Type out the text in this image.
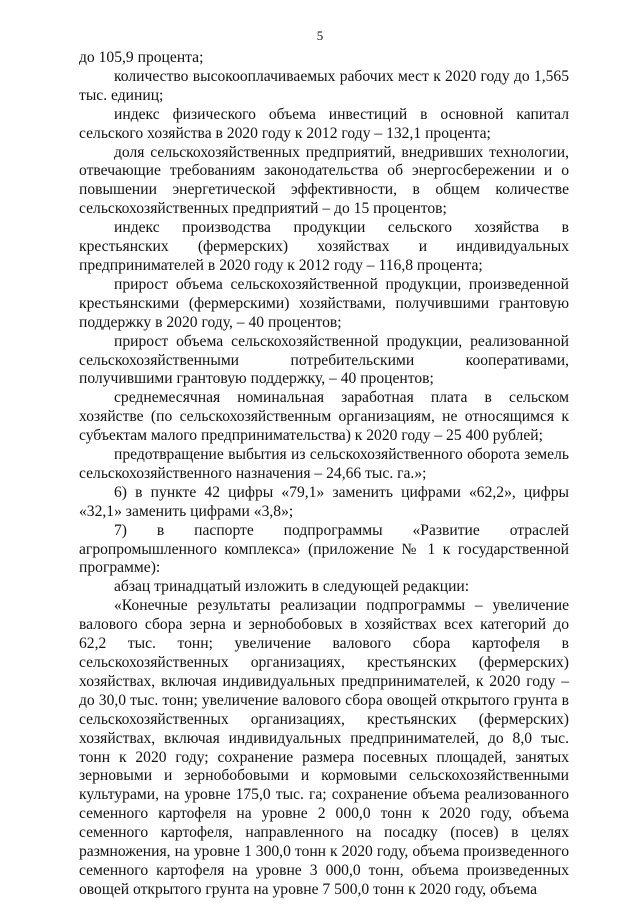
5

до 105,9 процента;

количество высокооплачиваемых рабочих мест к 2020 году до 1,565 тыс. единиц;

индекс физического объема инвестиций в основной капитал сельского хозяйства в 2020 году к 2012 году – 132,1 процента;

доля сельскохозяйственных предприятий, внедривших технологии, отвечающие требованиям законодательства об энергосбережении и о повышении энергетической эффективности, в общем количестве сельскохозяйственных предприятий – до 15 процентов;

индекс производства продукции сельского хозяйства в крестьянских (фермерских) хозяйствах и индивидуальных предпринимателей в 2020 году к 2012 году – 116,8 процента;

прирост объема сельскохозяйственной продукции, произведенной крестьянскими (фермерскими) хозяйствами, получившими грантовую поддержку в 2020 году, – 40 процентов;

прирост объема сельскохозяйственной продукции, реализованной сельскохозяйственными потребительскими кооперативами, получившими грантовую поддержку, – 40 процентов;

среднемесячная номинальная заработная плата в сельском хозяйстве (по сельскохозяйственным организациям, не относящимся к субъектам малого предпринимательства) к 2020 году – 25 400 рублей;

предотвращение выбытия из сельскохозяйственного оборота земель сельскохозяйственного назначения – 24,66 тыс. га.»;

6) в пункте 42 цифры «79,1» заменить цифрами «62,2», цифры «32,1» заменить цифрами «3,8»;

7) в паспорте подпрограммы «Развитие отраслей агропромышленного комплекса» (приложение № 1 к государственной программе):

абзац тринадцатый изложить в следующей редакции:

«Конечные результаты реализации подпрограммы – увеличение валового сбора зерна и зернобобовых в хозяйствах всех категорий до 62,2 тыс. тонн; увеличение валового сбора картофеля в сельскохозяйственных организациях, крестьянских (фермерских) хозяйствах, включая индивидуальных предпринимателей, к 2020 году – до 30,0 тыс. тонн; увеличение валового сбора овощей открытого грунта в сельскохозяйственных организациях, крестьянских (фермерских) хозяйствах, включая индивидуальных предпринимателей, до 8,0 тыс. тонн к 2020 году; сохранение размера посевных площадей, занятых зерновыми и зернобобовыми и кормовыми сельскохозяйственными культурами, на уровне 175,0 тыс. га; сохранение объема реализованного семенного картофеля на уровне 2 000,0 тонн к 2020 году, объема семенного картофеля, направленного на посадку (посев) в целях размножения, на уровне 1 300,0 тонн к 2020 году, объема произведенного семенного картофеля на уровне 3 000,0 тонн, объема произведенных овощей открытого грунта на уровне 7 500,0 тонн к 2020 году, объема
